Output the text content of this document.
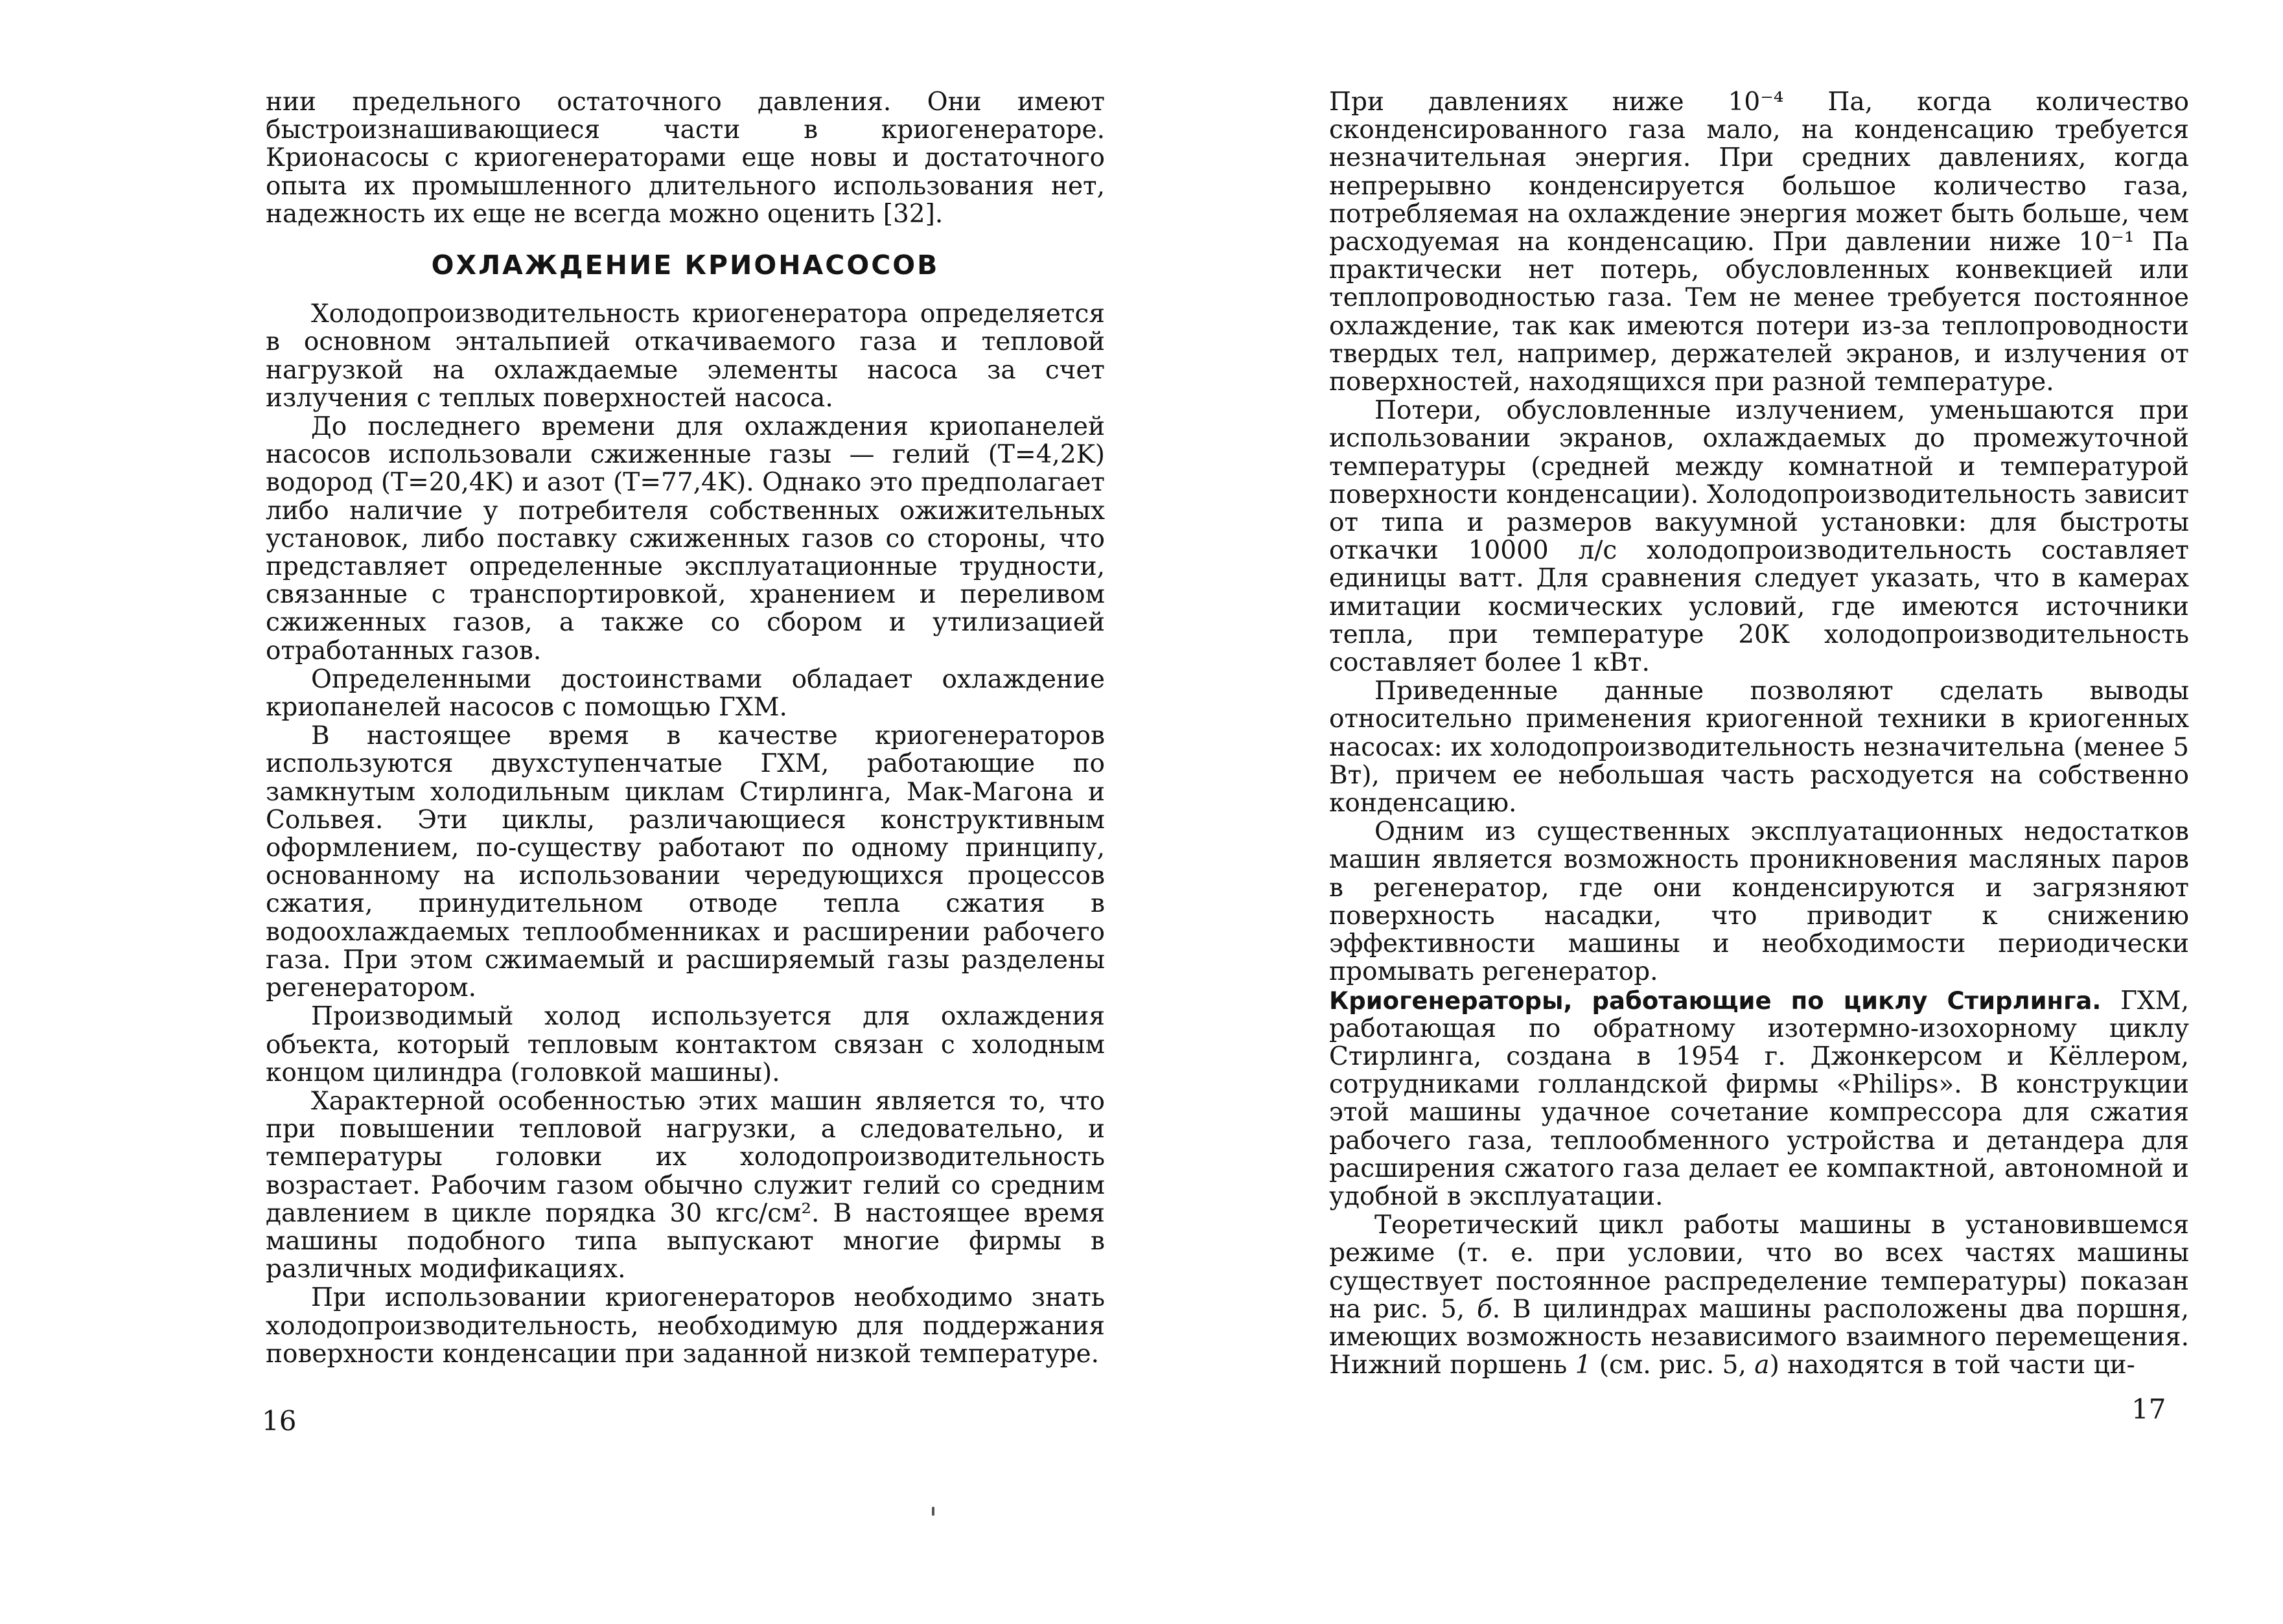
нии предельного остаточного давления. Они имеют быстроизнашивающиеся части в криогенераторе. Крионасосы с криогенераторами еще новы и достаточного опыта их промышленного длительного использования нет, надежность их еще не всегда можно оценить [32].

ОХЛАЖДЕНИЕ КРИОНАСОСОВ

Холодопроизводительность криогенератора определяется в основном энтальпией откачиваемого газа и тепловой нагрузкой на охлаждаемые элементы насоса за счет излучения с теплых поверхностей насоса.

До последнего времени для охлаждения криопанелей насосов использовали сжиженные газы — гелий (T=4,2K) водород (T=20,4K) и азот (T=77,4K). Однако это предполагает либо наличие у потребителя собственных ожижительных установок, либо поставку сжиженных газов со стороны, что представляет определенные эксплуатационные трудности, связанные с транспортировкой, хранением и переливом сжиженных газов, а также со сбором и утилизацией отработанных газов.

Определенными достоинствами обладает охлаждение криопанелей насосов с помощью ГХМ.

В настоящее время в качестве криогенераторов используются двухступенчатые ГХМ, работающие по замкнутым холодильным циклам Стирлинга, Мак-Магона и Сольвея. Эти циклы, различающиеся конструктивным оформлением, по-существу работают по одному принципу, основанному на использовании чередующихся процессов сжатия, принудительном отводе тепла сжатия в водоохлаждаемых теплообменниках и расширении рабочего газа. При этом сжимаемый и расширяемый газы разделены регенератором.

Производимый холод используется для охлаждения объекта, который тепловым контактом связан с холодным концом цилиндра (головкой машины).

Характерной особенностью этих машин является то, что при повышении тепловой нагрузки, а следовательно, и температуры головки их холодопроизводительность возрастает. Рабочим газом обычно служит гелий со средним давлением в цикле порядка 30 кгс/см². В настоящее время машины подобного типа выпускают многие фирмы в различных модификациях.

При использовании криогенераторов необходимо знать холодопроизводительность, необходимую для поддержания поверхности конденсации при заданной низкой температуре.

16

При давлениях ниже 10⁻⁴ Па, когда количество сконденсированного газа мало, на конденсацию требуется незначительная энергия. При средних давлениях, когда непрерывно конденсируется большое количество газа, потребляемая на охлаждение энергия может быть больше, чем расходуемая на конденсацию. При давлении ниже 10⁻¹ Па практически нет потерь, обусловленных конвекцией или теплопроводностью газа. Тем не менее требуется постоянное охлаждение, так как имеются потери из-за теплопроводности твердых тел, например, держателей экранов, и излучения от поверхностей, находящихся при разной температуре.

Потери, обусловленные излучением, уменьшаются при использовании экранов, охлаждаемых до промежуточной температуры (средней между комнатной и температурой поверхности конденсации). Холодопроизводительность зависит от типа и размеров вакуумной установки: для быстроты откачки 10000 л/с холодопроизводительность составляет единицы ватт. Для сравнения следует указать, что в камерах имитации космических условий, где имеются источники тепла, при температуре 20К холодопроизводительность составляет более 1 кВт.

Приведенные данные позволяют сделать выводы относительно применения криогенной техники в криогенных насосах: их холодопроизводительность незначительна (менее 5 Вт), причем ее небольшая часть расходуется на собственно конденсацию.

Одним из существенных эксплуатационных недостатков машин является возможность проникновения масляных паров в регенератор, где они конденсируются и загрязняют поверхность насадки, что приводит к снижению эффективности машины и необходимости периодически промывать регенератор.

Криогенераторы, работающие по циклу Стирлинга. ГХМ, работающая по обратному изотермно-изохорному циклу Стирлинга, создана в 1954 г. Джонкерсом и Кёллером, сотрудниками голландской фирмы «Philips». В конструкции этой машины удачное сочетание компрессора для сжатия рабочего газа, теплообменного устройства и детандера для расширения сжатого газа делает ее компактной, автономной и удобной в эксплуатации.

Теоретический цикл работы машины в установившемся режиме (т. е. при условии, что во всех частях машины существует постоянное распределение температуры) показан на рис. 5, б. В цилиндрах машины расположены два поршня, имеющих возможность независимого взаимного перемещения. Нижний поршень 1 (см. рис. 5, а) находятся в той части ци-

17
